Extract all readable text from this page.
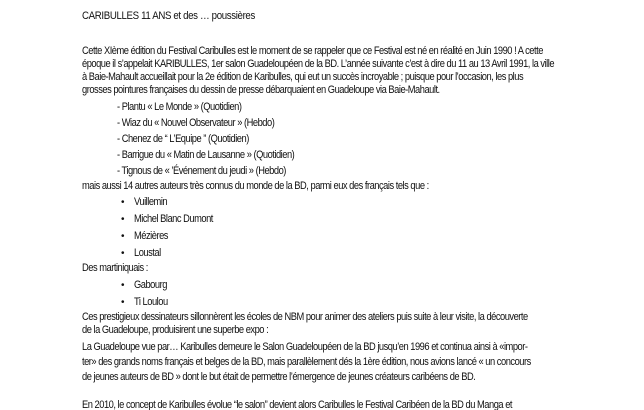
CARIBULLES 11 ANS et des … poussières
Cette XIème édition du Festival Caribulles est le moment de se rappeler que ce Festival est né en réalité en Juin 1990 ! A cette
époque il s’appelait KARIBULLES, 1er salon Guadeloupéen de la BD. L’année suivante c’est à dire du 11 au 13 Avril 1991, la ville
à Baie-Mahault accueillait pour la 2e édition de Karibulles, qui eut un succès incroyable ; puisque pour l’occasion, les plus
grosses pointures françaises du dessin de presse débarquaient en Guadeloupe via Baie-Mahault.
- Plantu « Le Monde » (Quotidien)
- Wiaz du « Nouvel Observateur » (Hebdo)
- Chenez de “ L’Equipe ” (Quotidien)
- Barrigue du « Matin de Lausanne » (Quotidien)
- Tignous de « ’Événement du jeudi » (Hebdo)
mais aussi 14 autres auteurs très connus du monde de la BD, parmi eux des français tels que :
• Vuillemin
• Michel Blanc Dumont
• Mézières
• Loustal
Des martiniquais :
• Gabourg
• Ti Loulou
Ces prestigieux dessinateurs sillonnèrent les écoles de NBM pour animer des ateliers puis suite à leur visite, la découverte
de la Guadeloupe, produisirent une superbe expo :
La Guadeloupe vue par… Karibulles demeure le Salon Guadeloupéen de la BD jusqu’en 1996 et continua ainsi à «impor-
ter» des grands noms français et belges de la BD, mais parallèlement dés la 1ère édition, nous avions lancé « un concours
de jeunes auteurs de BD » dont le but était de permettre l’émergence de jeunes créateurs caribéens de BD.
En 2010, le concept de Karibulles évolue “le salon” devient alors Caribulles le Festival Caribéen de la BD du Manga et
